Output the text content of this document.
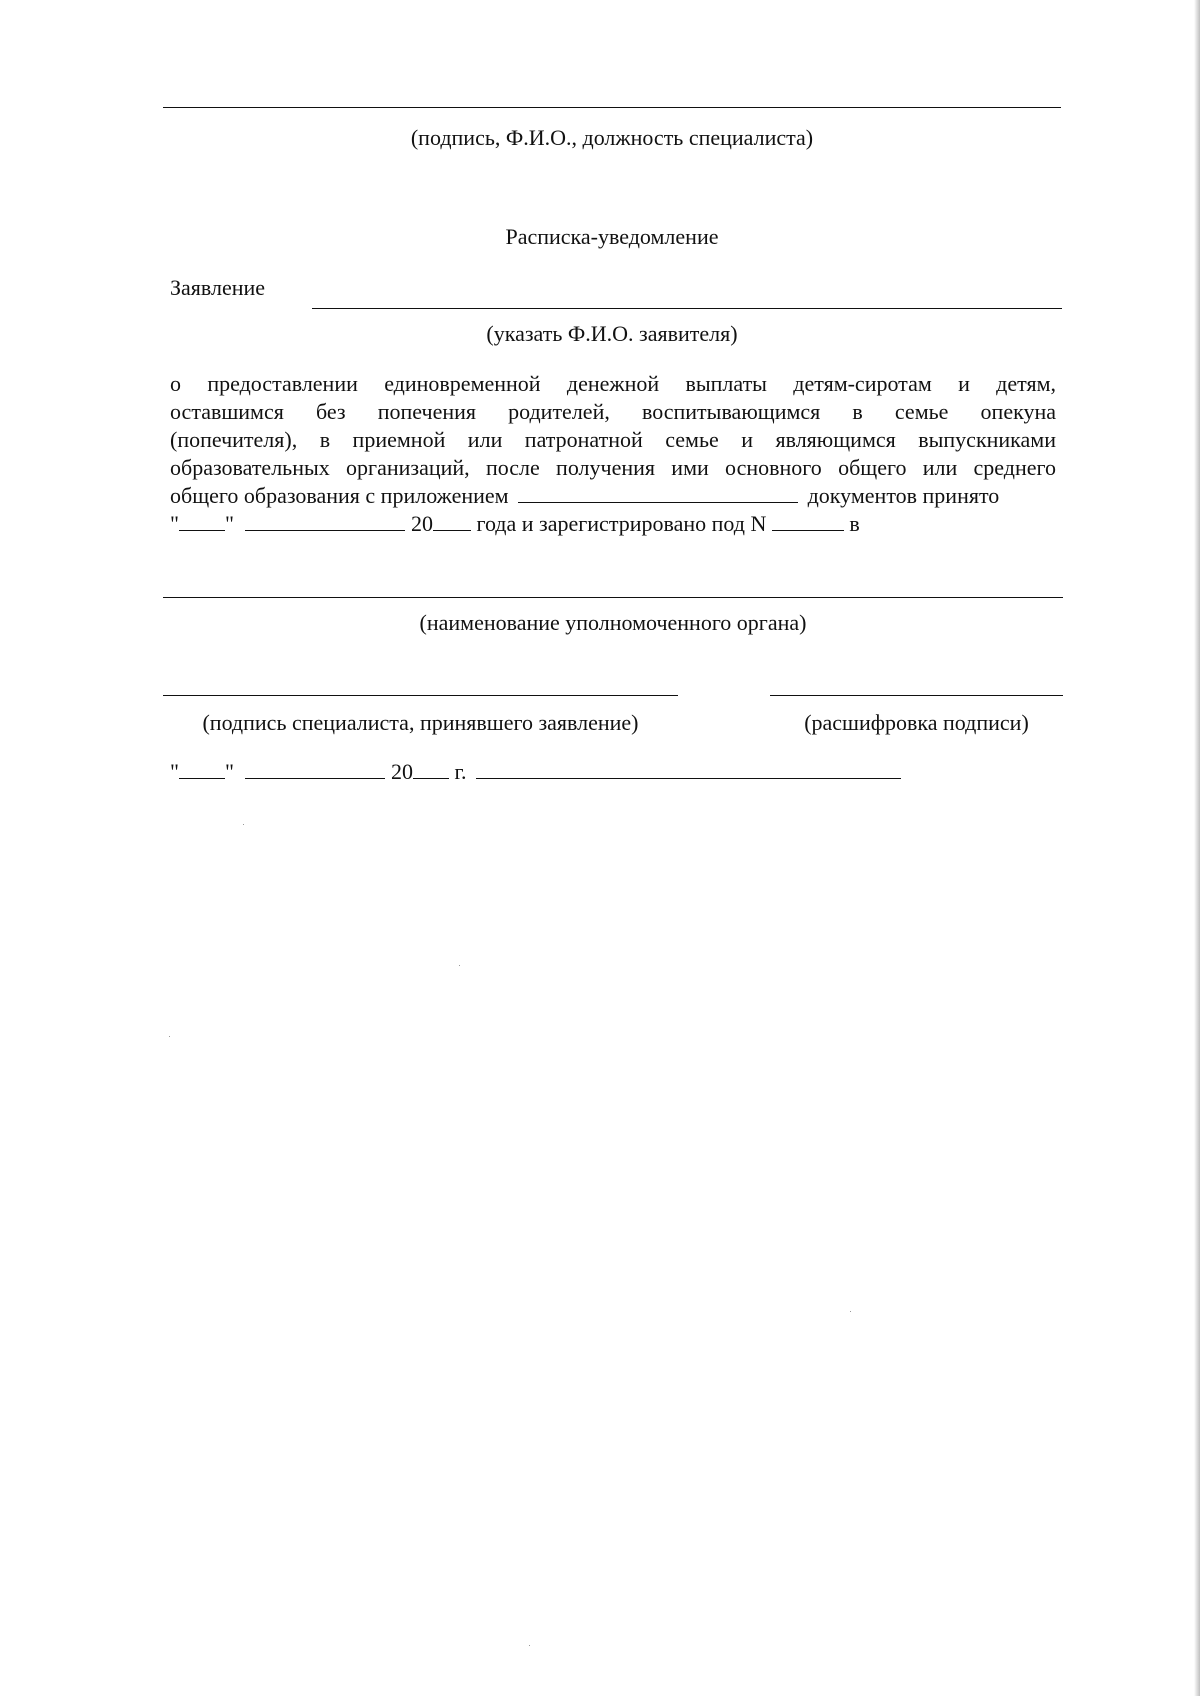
(подпись, Ф.И.О., должность специалиста)
Расписка-уведомление
Заявление
(указать Ф.И.О. заявителя)
о предоставлении единовременной денежной выплаты детям-сиротам и детям,
оставшимся без попечения родителей, воспитывающимся в семье опекуна
(попечителя), в приемной или патронатной семье и являющимся выпускниками
образовательных организаций, после получения ими основного общего или среднего
общего образования с приложением	документов принято
" "	20 года и зарегистрировано под N	в
(наименование уполномоченного органа)
(подпись специалиста, принявшего заявление)	(расшифровка подписи)
" "	20 г.
